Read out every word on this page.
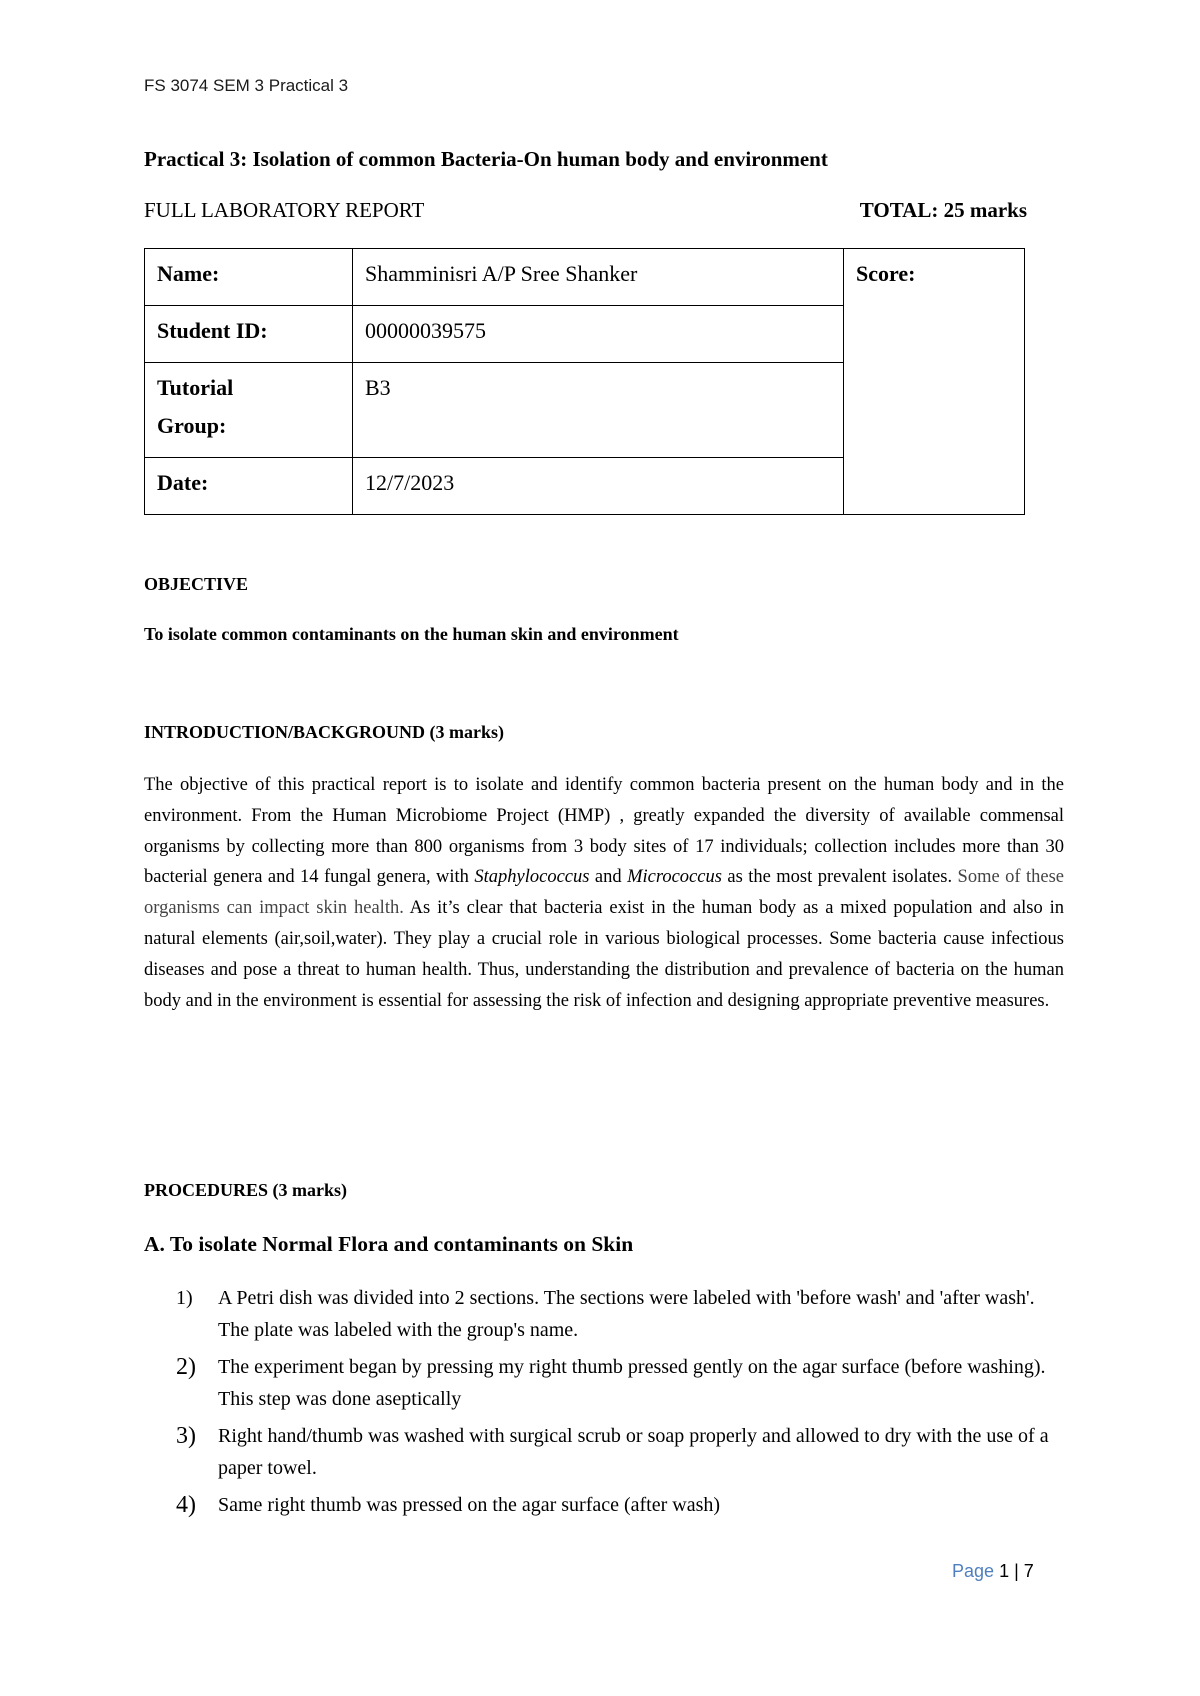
FS 3074 SEM 3 Practical 3
Practical 3: Isolation of common Bacteria-On human body and environment
FULL LABORATORY REPORT	TOTAL: 25 marks
Name:	Shamminisri A/P Sree Shanker	Score:
Student ID:	00000039575	
Tutorial
Group:	B3	
Date:	12/7/2023	
OBJECTIVE
To isolate common contaminants on the human skin and environment
INTRODUCTION/BACKGROUND (3 marks)

The objective of this practical report is to isolate and identify common bacteria present on the human body and in the environment. From the Human Microbiome Project (HMP) , greatly expanded the diversity of available commensal organisms by collecting more than 800 organisms from 3 body sites of 17 individuals; collection includes more than 30 bacterial genera and 14 fungal genera, with Staphylococcus and Micrococcus as the most prevalent isolates. Some of these organisms can impact skin health. As it’s clear that bacteria exist in the human body as a mixed population and also in natural elements (air,soil,water). They play a crucial role in various biological processes. Some bacteria cause infectious diseases and pose a threat to human health. Thus, understanding the distribution and prevalence of bacteria on the human body and in the environment is essential for assessing the risk of infection and designing appropriate preventive measures.

PROCEDURES (3 marks)
A. To isolate Normal Flora and contaminants on Skin
1)	A Petri dish was divided into 2 sections. The sections were labeled with 'before wash' and 'after wash'. The plate was labeled with the group's name.
2)	The experiment began by pressing my right thumb pressed gently on the agar surface (before washing). This step was done aseptically
3)	Right hand/thumb was washed with surgical scrub or soap properly and allowed to dry with the use of a paper towel.
4)	Same right thumb was pressed on the agar surface (after wash)
Page 1 | 7
